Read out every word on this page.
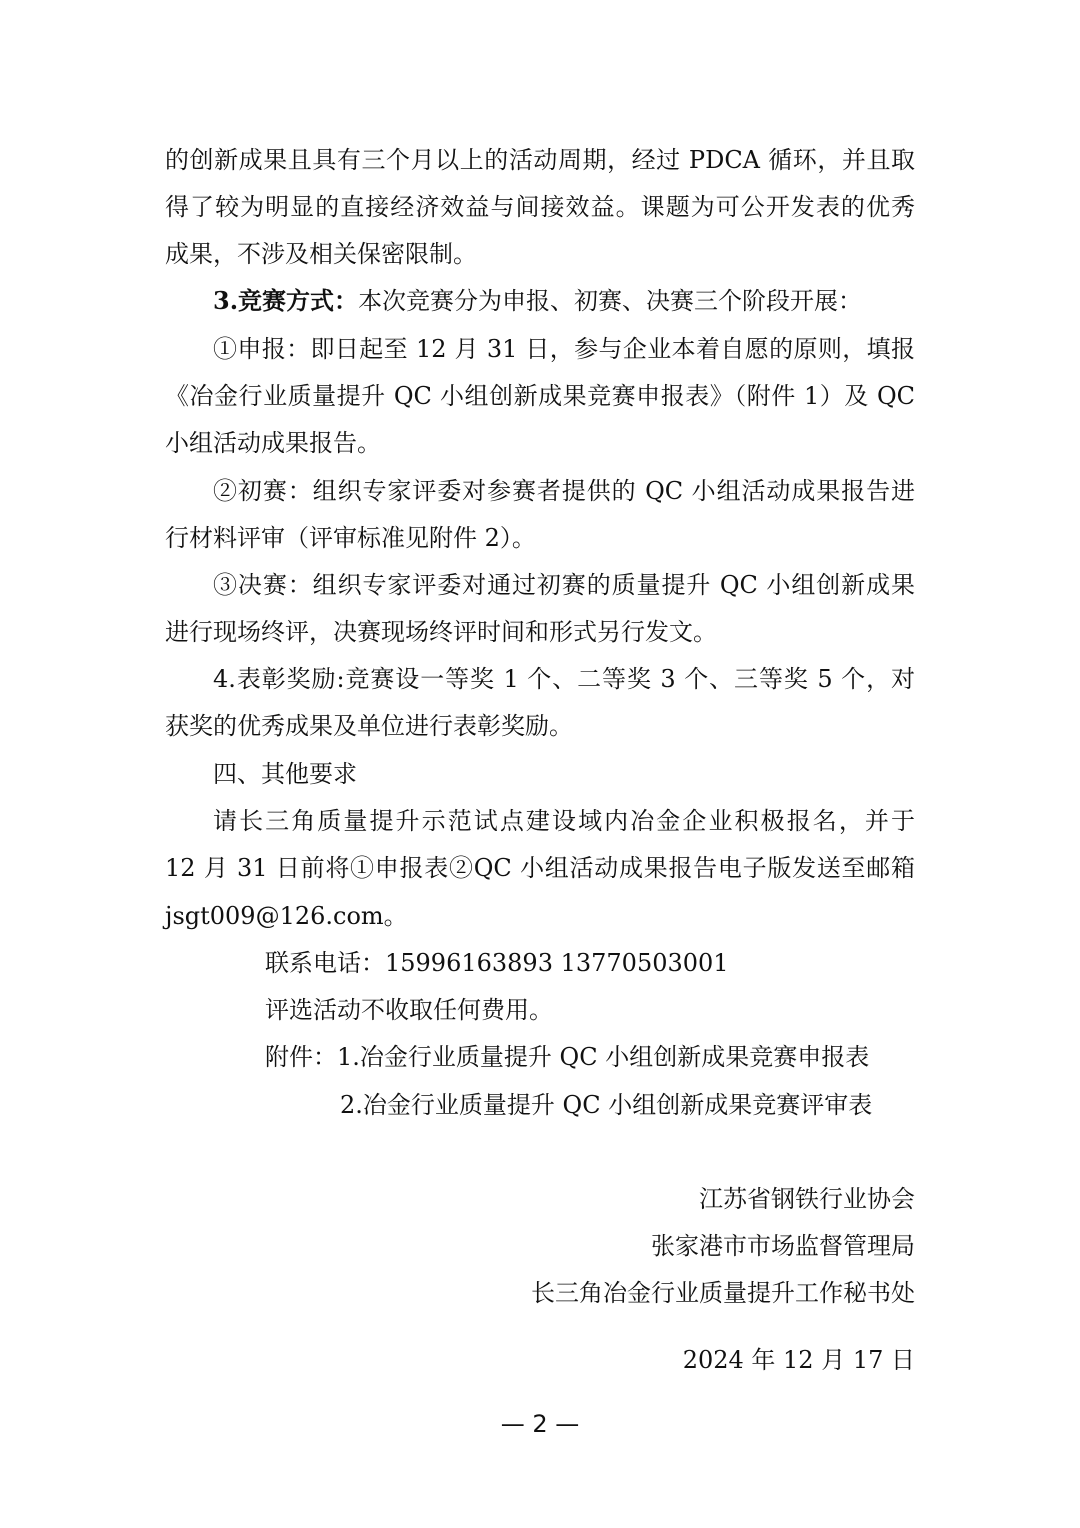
的创新成果且具有三个月以上的活动周期，经过 PDCA 循环，并且取
得了较为明显的直接经济效益与间接效益。课题为可公开发表的优秀
成果，不涉及相关保密限制。
3.竞赛方式：本次竞赛分为申报、初赛、决赛三个阶段开展：
①申报：即日起至 12 月 31 日，参与企业本着自愿的原则，填报
《冶金行业质量提升 QC 小组创新成果竞赛申报表》（附件 1）及 QC
小组活动成果报告。
②初赛：组织专家评委对参赛者提供的 QC 小组活动成果报告进
行材料评审（评审标准见附件 2）。
③决赛：组织专家评委对通过初赛的质量提升 QC 小组创新成果
进行现场终评，决赛现场终评时间和形式另行发文。
4.表彰奖励:竞赛设一等奖 1 个、二等奖 3 个、三等奖 5 个，对
获奖的优秀成果及单位进行表彰奖励。
四、其他要求
请长三角质量提升示范试点建设域内冶金企业积极报名，并于
12 月 31 日前将①申报表②QC 小组活动成果报告电子版发送至邮箱
jsgt009@126.com。
联系电话：15996163893 13770503001
评选活动不收取任何费用。
附件：1.冶金行业质量提升 QC 小组创新成果竞赛申报表
2.冶金行业质量提升 QC 小组创新成果竞赛评审表
江苏省钢铁行业协会
张家港市市场监督管理局
长三角冶金行业质量提升工作秘书处
2024 年 12 月 17 日
— 2 —
